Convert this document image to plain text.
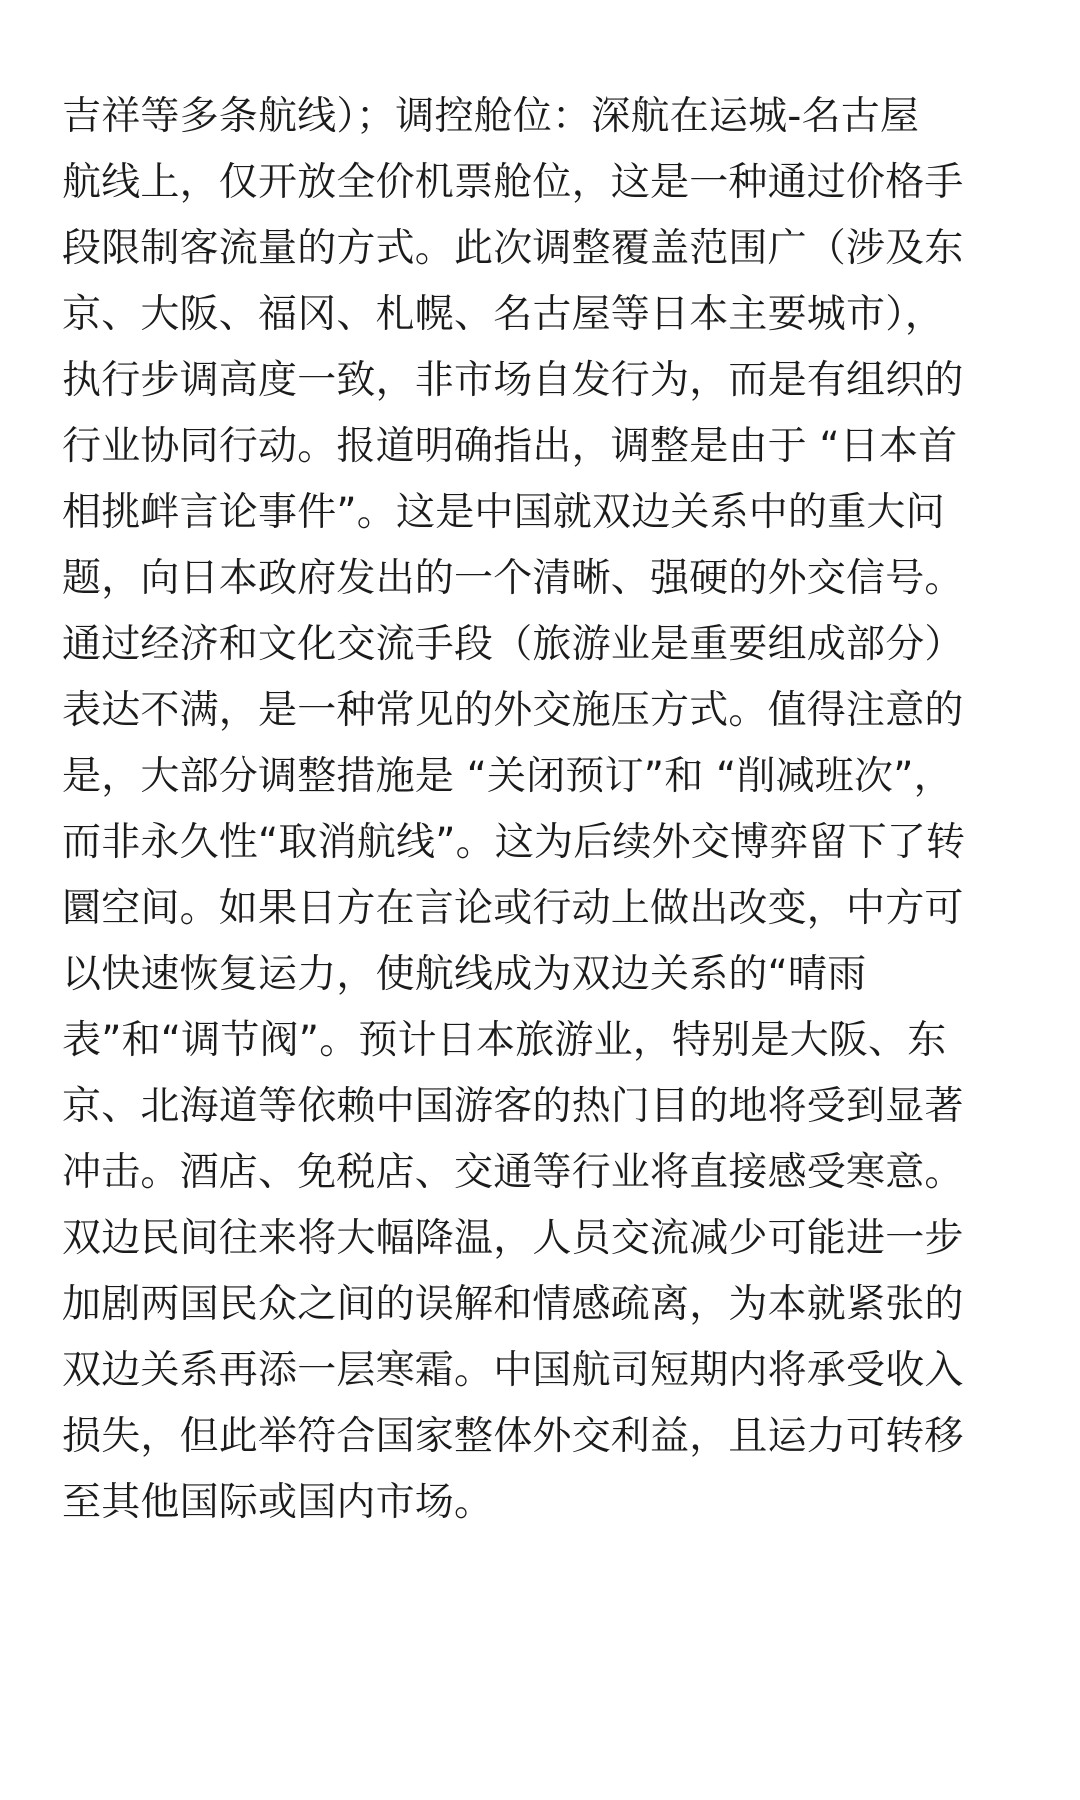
吉祥等多条航线）；调控舱位：深航在运城-名古屋
航线上，仅开放全价机票舱位，这是一种通过价格手
段限制客流量的方式。此次调整覆盖范围广（涉及东
京、大阪、福冈、札幌、名古屋等日本主要城市），
执行步调高度一致，非市场自发行为，而是有组织的
行业协同行动。报道明确指出，调整是由于 “日本首
相挑衅言论事件”。这是中国就双边关系中的重大问
题，向日本政府发出的一个清晰、强硬的外交信号。
通过经济和文化交流手段（旅游业是重要组成部分）
表达不满，是一种常见的外交施压方式。值得注意的
是，大部分调整措施是 “关闭预订”和 “削减班次”，
而非永久性“取消航线”。这为后续外交博弈留下了转
圜空间。如果日方在言论或行动上做出改变，中方可
以快速恢复运力，使航线成为双边关系的“晴雨
表”和“调节阀”。预计日本旅游业，特别是大阪、东
京、北海道等依赖中国游客的热门目的地将受到显著
冲击。酒店、免税店、交通等行业将直接感受寒意。
双边民间往来将大幅降温，人员交流减少可能进一步
加剧两国民众之间的误解和情感疏离，为本就紧张的
双边关系再添一层寒霜。中国航司短期内将承受收入
损失，但此举符合国家整体外交利益，且运力可转移
至其他国际或国内市场。
